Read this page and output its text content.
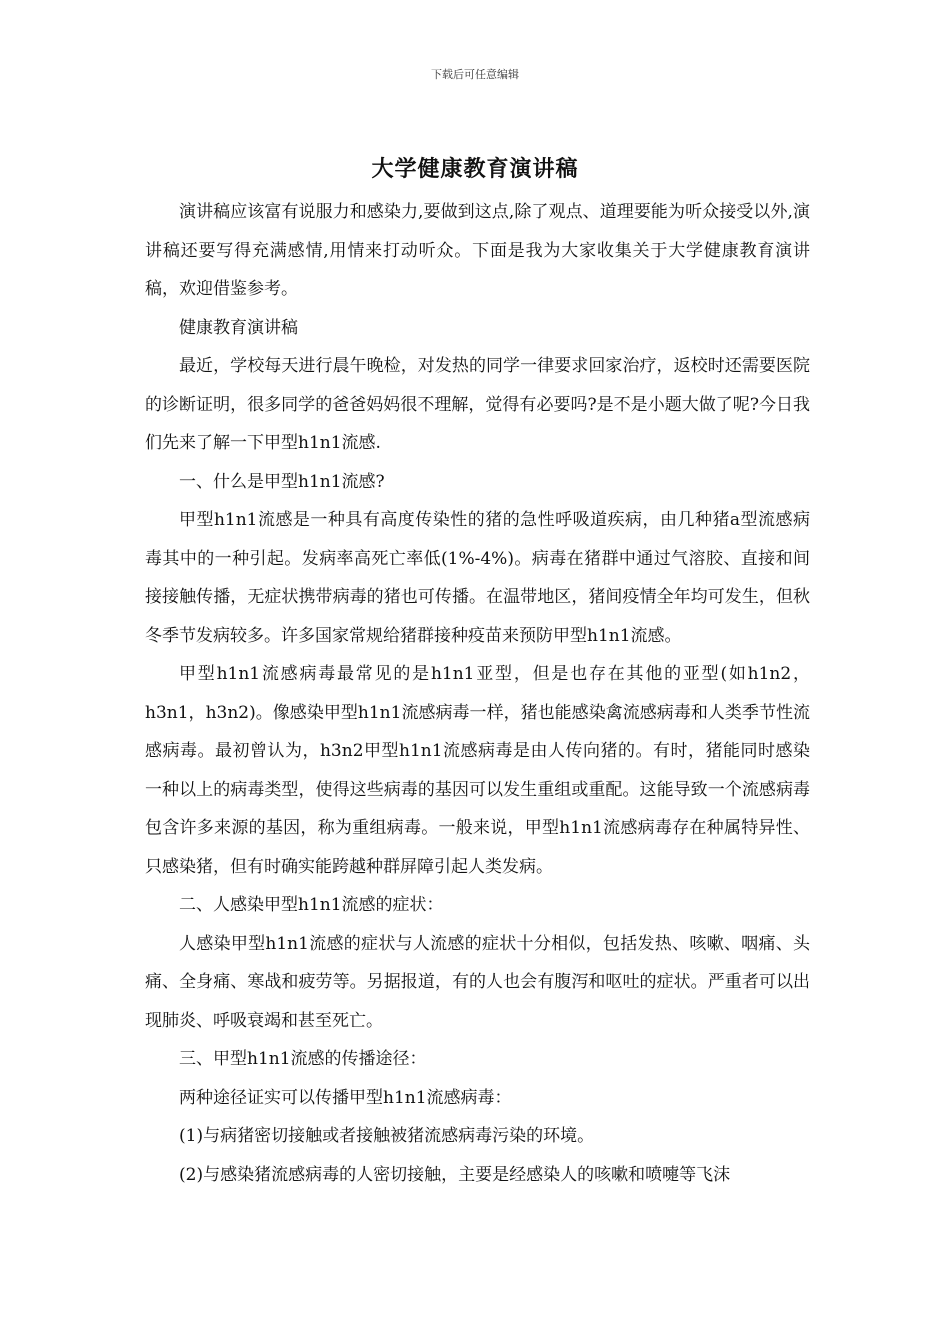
下载后可任意编辑
大学健康教育演讲稿

演讲稿应该富有说服力和感染力,要做到这点,除了观点、道理要能为听众接受以外,演讲稿还要写得充满感情,用情来打动听众。下面是我为大家收集关于大学健康教育演讲稿，欢迎借鉴参考。

健康教育演讲稿

最近，学校每天进行晨午晚检，对发热的同学一律要求回家治疗，返校时还需要医院的诊断证明，很多同学的爸爸妈妈很不理解，觉得有必要吗?是不是小题大做了呢?今日我们先来了解一下甲型h1n1流感.

一、什么是甲型h1n1流感?

甲型h1n1流感是一种具有高度传染性的猪的急性呼吸道疾病，由几种猪a型流感病毒其中的一种引起。发病率高死亡率低(1%-4%)。病毒在猪群中通过气溶胶、直接和间接接触传播，无症状携带病毒的猪也可传播。在温带地区，猪间疫情全年均可发生，但秋冬季节发病较多。许多国家常规给猪群接种疫苗来预防甲型h1n1流感。

甲型h1n1流感病毒最常见的是h1n1亚型，但是也存在其他的亚型(如h1n2，h3n1，h3n2)。像感染甲型h1n1流感病毒一样，猪也能感染禽流感病毒和人类季节性流感病毒。最初曾认为，h3n2甲型h1n1流感病毒是由人传向猪的。有时，猪能同时感染一种以上的病毒类型，使得这些病毒的基因可以发生重组或重配。这能导致一个流感病毒包含许多来源的基因，称为重组病毒。一般来说，甲型h1n1流感病毒存在种属特异性、只感染猪，但有时确实能跨越种群屏障引起人类发病。

二、人感染甲型h1n1流感的症状：

人感染甲型h1n1流感的症状与人流感的症状十分相似，包括发热、咳嗽、咽痛、头痛、全身痛、寒战和疲劳等。另据报道，有的人也会有腹泻和呕吐的症状。严重者可以出现肺炎、呼吸衰竭和甚至死亡。

三、甲型h1n1流感的传播途径：

两种途径证实可以传播甲型h1n1流感病毒：

(1)与病猪密切接触或者接触被猪流感病毒污染的环境。

(2)与感染猪流感病毒的人密切接触，主要是经感染人的咳嗽和喷嚏等飞沫
